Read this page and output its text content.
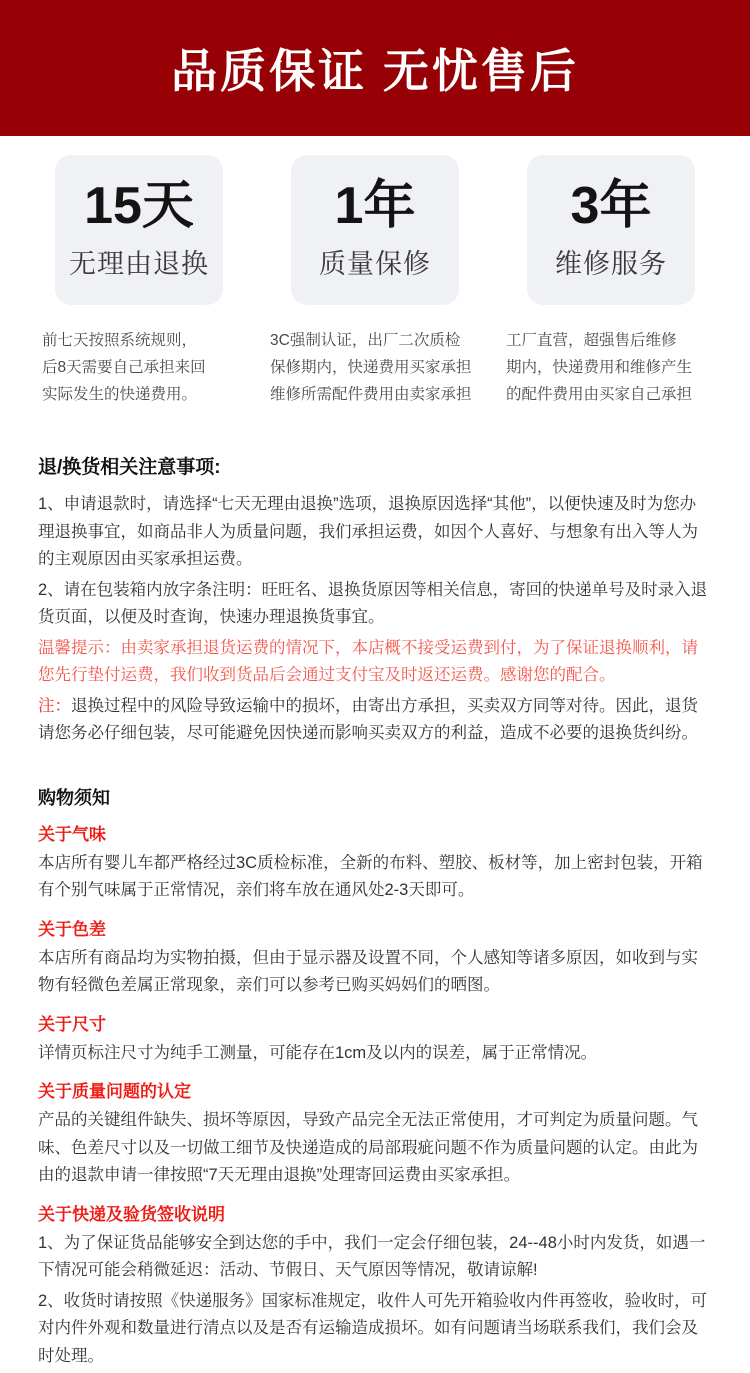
品质保证 无忧售后
15天
无理由退换
前七天按照系统规则，
后8天需要自己承担来回
实际发生的快递费用。
1年
质量保修
3C强制认证，出厂二次质检
保修期内，快递费用买家承担
维修所需配件费用由卖家承担
3年
维修服务
工厂直营，超强售后维修
期内，快递费用和维修产生
的配件费用由买家自己承担
退/换货相关注意事项:

1、申请退款时，请选择“七天无理由退换”选项，退换原因选择“其他”，以便快速及时为您办理退换事宜，如商品非人为质量问题，我们承担运费，如因个人喜好、与想象有出入等人为的主观原因由买家承担运费。

2、请在包装箱内放字条注明：旺旺名、退换货原因等相关信息，寄回的快递单号及时录入退货页面，以便及时查询，快速办理退换货事宜。

温馨提示：由卖家承担退货运费的情况下，本店概不接受运费到付，为了保证退换顺利，请您先行垫付运费，我们收到货品后会通过支付宝及时返还运费。感谢您的配合。

注：退换过程中的风险导致运输中的损坏，由寄出方承担，买卖双方同等对待。因此，退货请您务必仔细包装，尽可能避免因快递而影响买卖双方的利益，造成不必要的退换货纠纷。

购物须知
关于气味

本店所有婴儿车都严格经过3C质检标准，全新的布料、塑胶、板材等，加上密封包装，开箱有个别气味属于正常情况，亲们将车放在通风处2-3天即可。

关于色差

本店所有商品均为实物拍摄，但由于显示器及设置不同，个人感知等诸多原因，如收到与实物有轻微色差属正常现象，亲们可以参考已购买妈妈们的晒图。

关于尺寸

详情页标注尺寸为纯手工测量，可能存在1cm及以内的误差，属于正常情况。

关于质量问题的认定

产品的关键组件缺失、损坏等原因，导致产品完全无法正常使用，才可判定为质量问题。气味、色差尺寸以及一切做工细节及快递造成的局部瑕疵问题不作为质量问题的认定。由此为由的退款申请一律按照“7天无理由退换”处理寄回运费由买家承担。

关于快递及验货签收说明

1、为了保证货品能够安全到达您的手中，我们一定会仔细包装，24--48小时内发货，如遇一下情况可能会稍微延迟：活动、节假日、天气原因等情况，敬请谅解!

2、收货时请按照《快递服务》国家标准规定，收件人可先开箱验收内件再签收，验收时，可对内件外观和数量进行清点以及是否有运输造成损坏。如有问题请当场联系我们，我们会及时处理。
